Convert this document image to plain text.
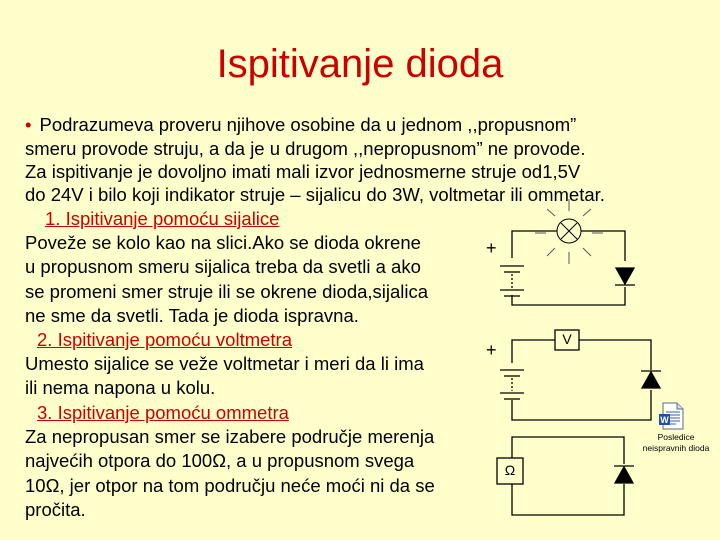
Ispitivanje dioda
• Podrazumeva proveru njihove osobine da u jednom ,,propusnom”
smeru provode struju, a da je u drugom ,,nepropusnom” ne provode.
Za ispitivanje je dovoljno imati mali izvor jednosmerne struje od1,5V
do 24V i bilo koji indikator struje – sijalicu do 3W, voltmetar ili ommetar.
1. Ispitivanje pomoću sijalice
Poveže se kolo kao na slici.Ako se dioda okrene
u propusnom smeru sijalica treba da svetli a ako
se promeni smer struje ili se okrene dioda,sijalica
ne sme da svetli. Tada je dioda ispravna.
2. Ispitivanje pomoću voltmetra
Umesto sijalice se veže voltmetar i meri da li ima
ili nema napona u kolu.
3. Ispitivanje pomoću ommetra
Za nepropusan smer se izabere područje merenja
najvećih otpora do 100Ω, a u propusnom svega
10Ω, jer otpor na tom području neće moći ni da se
pročita.
+
+
V
Ω
W
Posledice
neispravnih dioda
